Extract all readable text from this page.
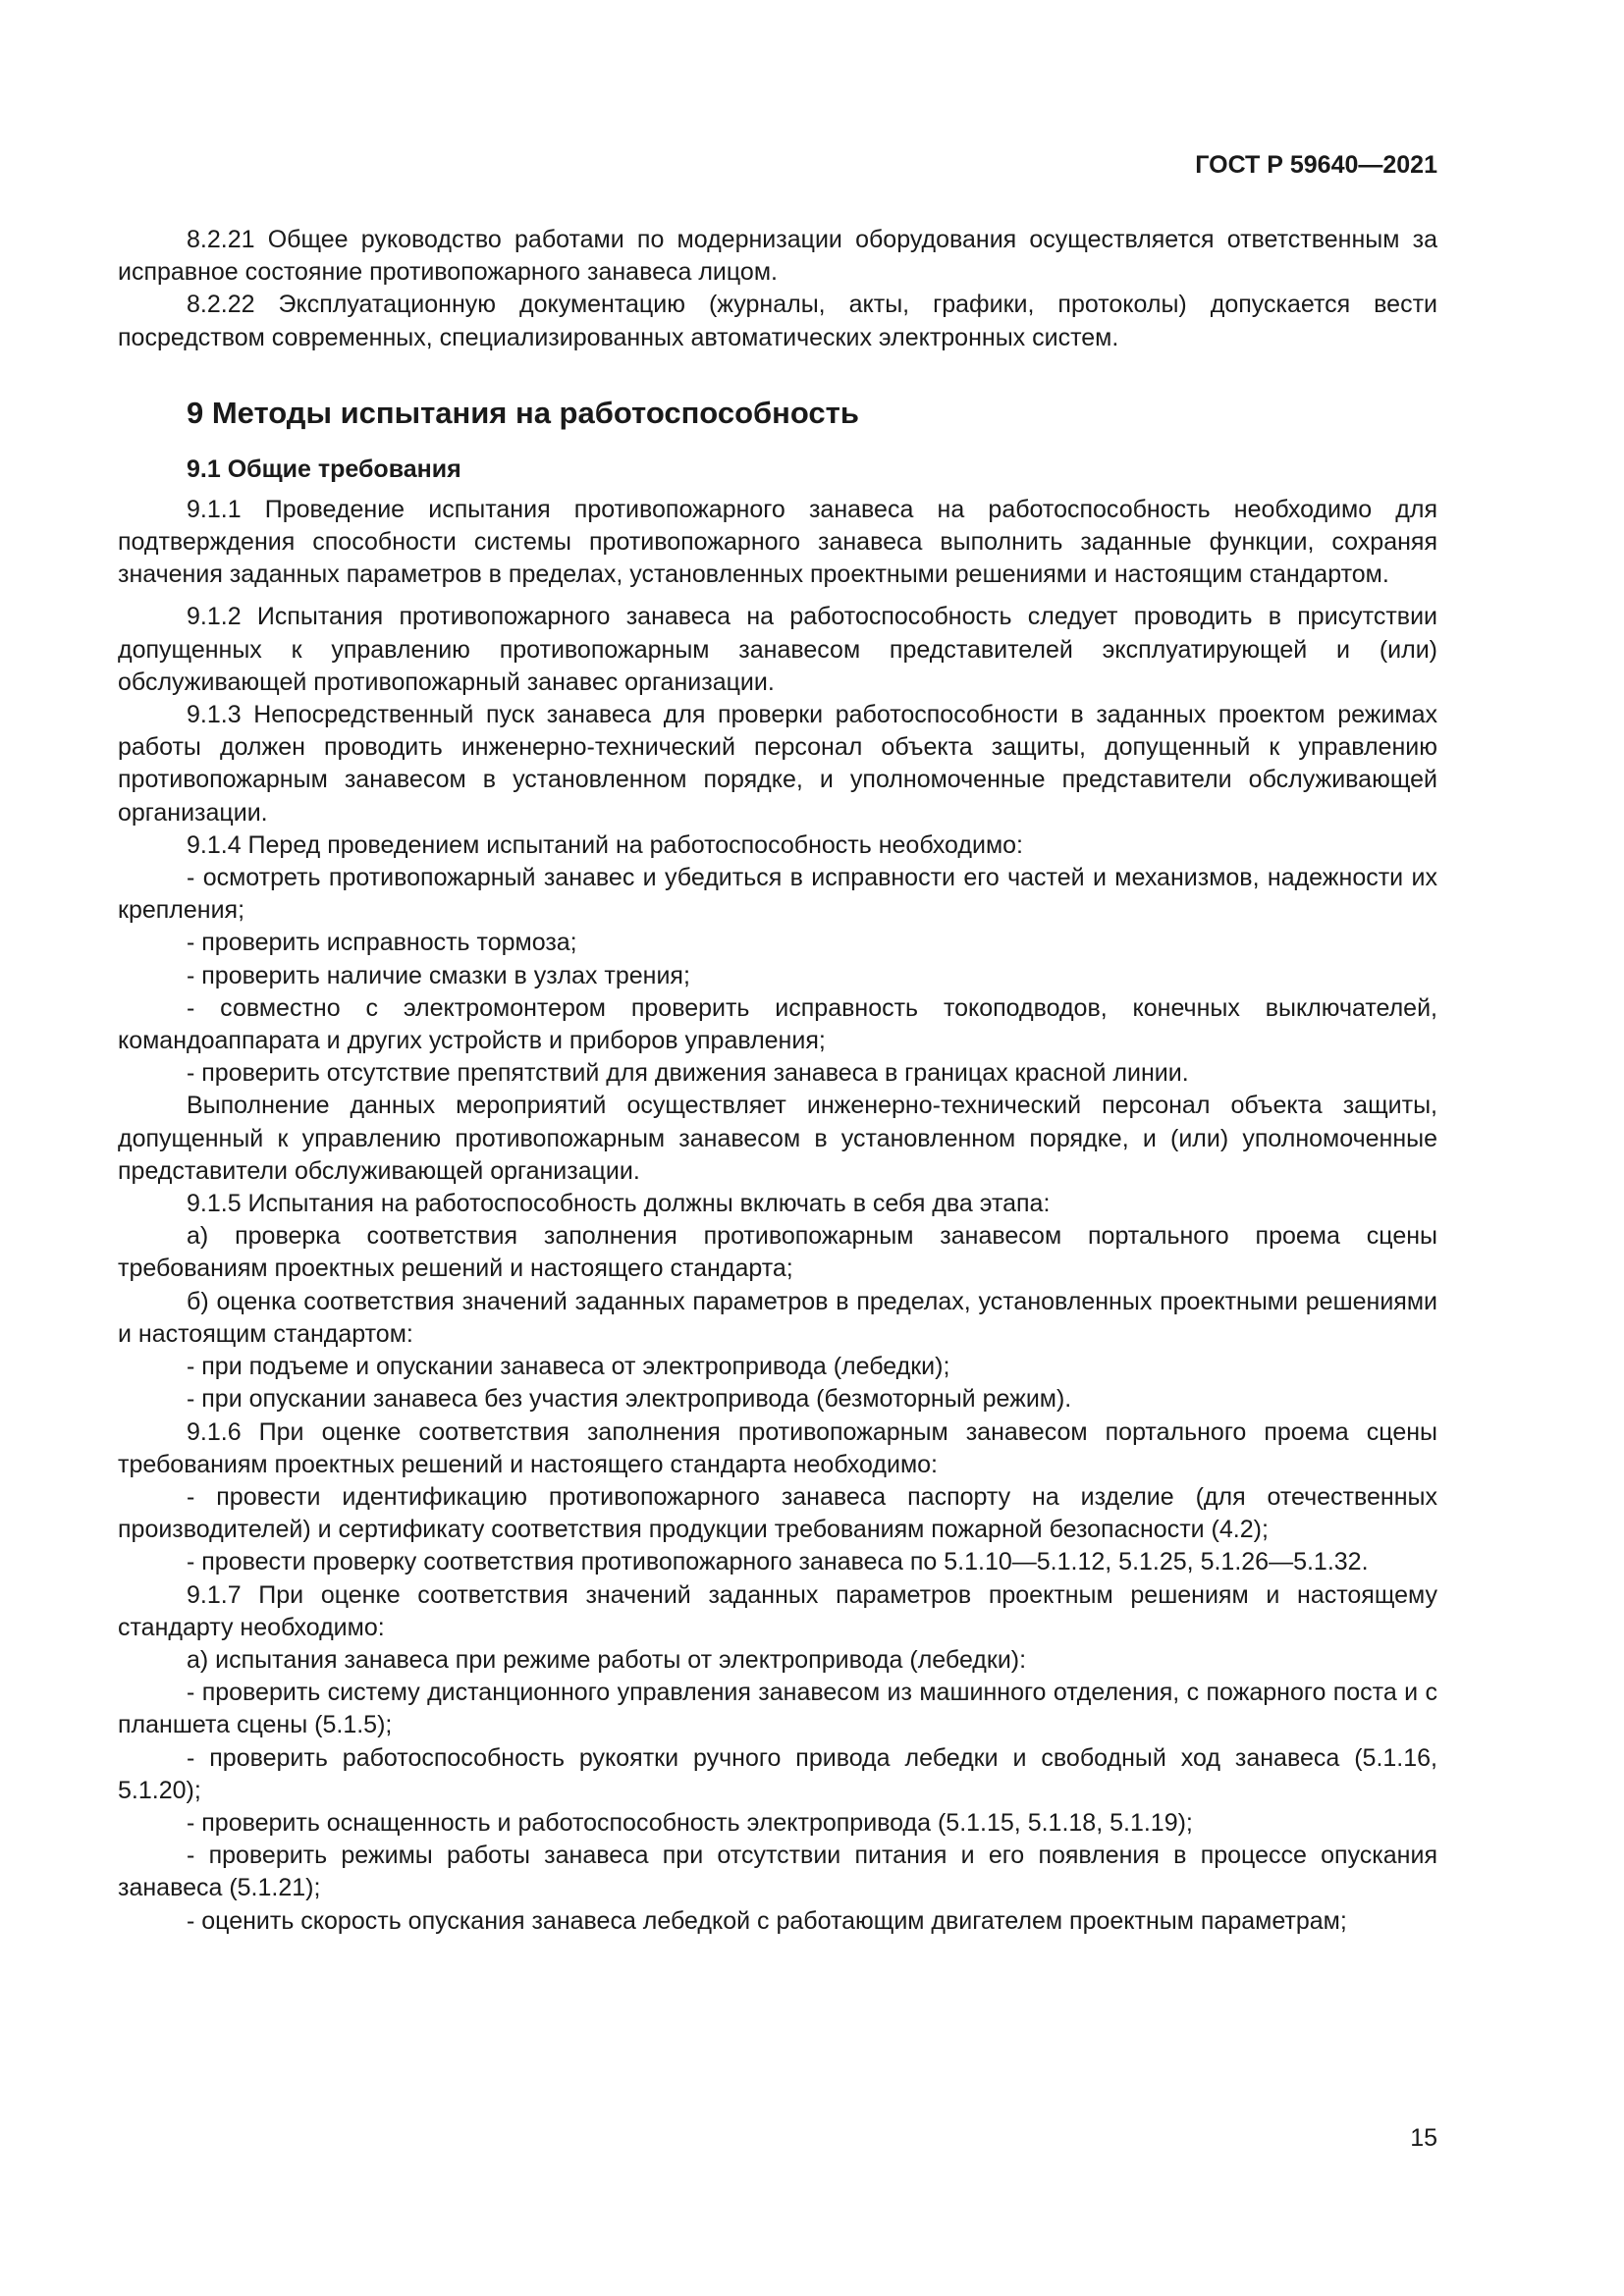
ГОСТ Р 59640—2021

8.2.21 Общее руководство работами по модернизации оборудования осуществляется ответственным за исправное состояние противопожарного занавеса лицом.

8.2.22 Эксплуатационную документацию (журналы, акты, графики, протоколы) допускается вести посредством современных, специализированных автоматических электронных систем.

9 Методы испытания на работоспособность
9.1 Общие требования

9.1.1 Проведение испытания противопожарного занавеса на работоспособность необходимо для подтверждения способности системы противопожарного занавеса выполнить заданные функции, сохраняя значения заданных параметров в пределах, установленных проектными решениями и настоящим стандартом.

9.1.2 Испытания противопожарного занавеса на работоспособность следует проводить в присутствии допущенных к управлению противопожарным занавесом представителей эксплуатирующей и (или) обслуживающей противопожарный занавес организации.

9.1.3 Непосредственный пуск занавеса для проверки работоспособности в заданных проектом режимах работы должен проводить инженерно-технический персонал объекта защиты, допущенный к управлению противопожарным занавесом в установленном порядке, и уполномоченные представители обслуживающей организации.

9.1.4 Перед проведением испытаний на работоспособность необходимо:

- осмотреть противопожарный занавес и убедиться в исправности его частей и механизмов, надежности их крепления;

- проверить исправность тормоза;

- проверить наличие смазки в узлах трения;

- совместно с электромонтером проверить исправность токоподводов, конечных выключателей, командоаппарата и других устройств и приборов управления;

- проверить отсутствие препятствий для движения занавеса в границах красной линии.

Выполнение данных мероприятий осуществляет инженерно-технический персонал объекта защиты, допущенный к управлению противопожарным занавесом в установленном порядке, и (или) уполномоченные представители обслуживающей организации.

9.1.5 Испытания на работоспособность должны включать в себя два этапа:

а) проверка соответствия заполнения противопожарным занавесом портального проема сцены требованиям проектных решений и настоящего стандарта;

б) оценка соответствия значений заданных параметров в пределах, установленных проектными решениями и настоящим стандартом:

- при подъеме и опускании занавеса от электропривода (лебедки);

- при опускании занавеса без участия электропривода (безмоторный режим).

9.1.6 При оценке соответствия заполнения противопожарным занавесом портального проема сцены требованиям проектных решений и настоящего стандарта необходимо:

- провести идентификацию противопожарного занавеса паспорту на изделие (для отечественных производителей) и сертификату соответствия продукции требованиям пожарной безопасности (4.2);

- провести проверку соответствия противопожарного занавеса по 5.1.10—5.1.12, 5.1.25, 5.1.26—5.1.32.

9.1.7 При оценке соответствия значений заданных параметров проектным решениям и настоящему стандарту необходимо:

а) испытания занавеса при режиме работы от электропривода (лебедки):

- проверить систему дистанционного управления занавесом из машинного отделения, с пожарного поста и с планшета сцены (5.1.5);

- проверить работоспособность рукоятки ручного привода лебедки и свободный ход занавеса (5.1.16, 5.1.20);

- проверить оснащенность и работоспособность электропривода (5.1.15, 5.1.18, 5.1.19);

- проверить режимы работы занавеса при отсутствии питания и его появления в процессе опускания занавеса (5.1.21);

- оценить скорость опускания занавеса лебедкой с работающим двигателем проектным параметрам;

15
